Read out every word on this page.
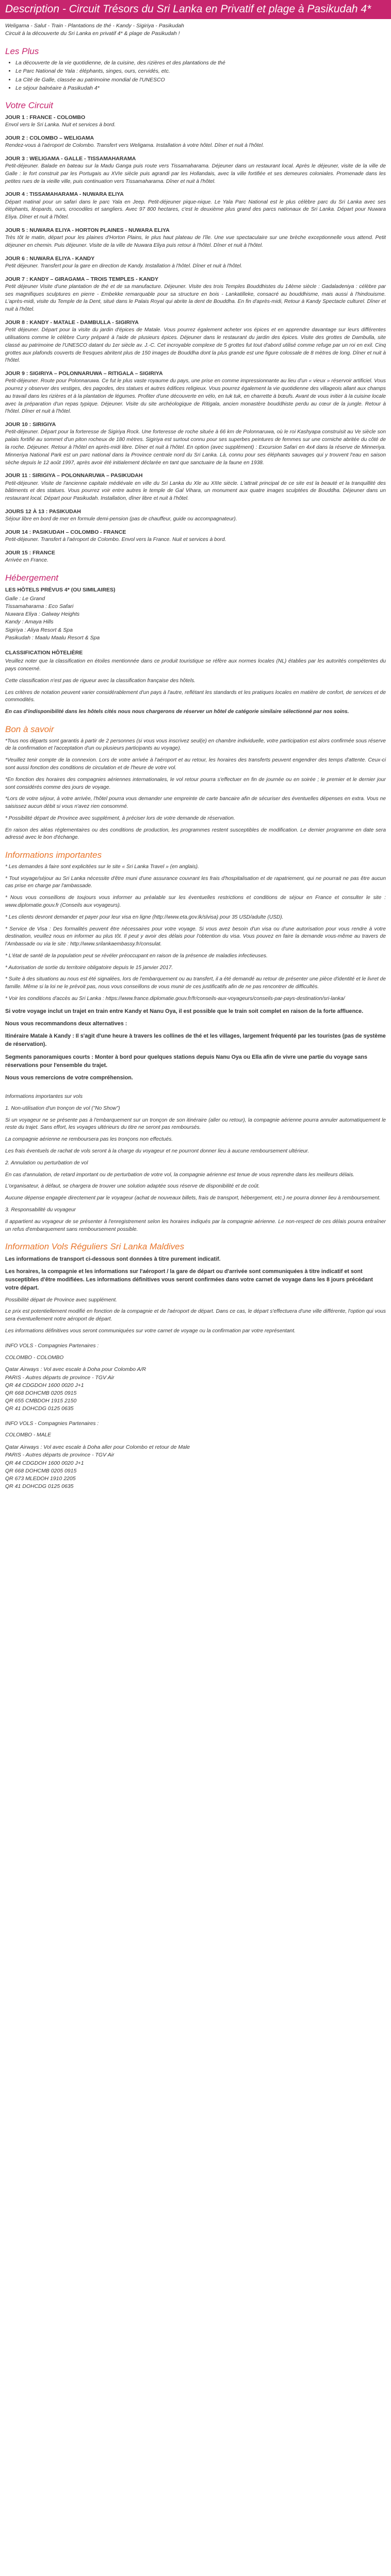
Description - Circuit Trésors du Sri Lanka en Privatif et plage à Pasikudah 4*

Weligama - Salut - Train - Plantations de thé - Kandy - Sigiriya - Pasikudah

Circuit à la découverte du Sri Lanka en privatif 4* & plage de Pasikudah !

Les Plus
• La découverte de la vie quotidienne, de la cuisine, des rizières et des plantations de thé
• Le Parc National de Yala : éléphants, singes, ours, cervidés, etc.
• La Cité de Galle, classée au patrimoine mondial de l'UNESCO
• Le séjour balnéaire à Pasikudah 4*
Votre Circuit
JOUR 1 : FRANCE - COLOMBO
Envol vers le Sri Lanka. Nuit et services à bord.
JOUR 2 : COLOMBO – WELIGAMA
Rendez-vous à l'aéroport de Colombo. Transfert vers Weligama. Installation à votre hôtel. Dîner et nuit à l'hôtel.
JOUR 3 : WELIGAMA - GALLE - TISSAMAHARAMA
Petit-déjeuner. Balade en bateau sur la Madu Ganga puis route vers Tissamaharama. Déjeuner dans un restaurant local. Après le déjeuner, visite de la ville de Galle : le fort construit par les Portugais au XVIe siècle puis agrandi par les Hollandais, avec la ville fortifiée et ses demeures coloniales. Promenade dans les petites rues de la vieille ville, puis continuation vers Tissamaharama. Dîner et nuit à l'hôtel.
JOUR 4 : TISSAMAHARAMA - NUWARA ELIYA
Départ matinal pour un safari dans le parc Yala en Jeep. Petit-déjeuner pique-nique. Le Yala Parc National est le plus célèbre parc du Sri Lanka avec ses éléphants, léopards, ours, crocodiles et sangliers. Avec 97 800 hectares, c'est le deuxième plus grand des parcs nationaux de Sri Lanka. Départ pour Nuwara Eliya. Dîner et nuit à l'hôtel.
JOUR 5 : NUWARA ELIYA - HORTON PLAINES - NUWARA ELIYA
Très tôt le matin, départ pour les plaines d'Horton Plains, le plus haut plateau de l'île. Une vue spectaculaire sur une brèche exceptionnelle vous attend. Petit déjeuner en chemin. Puis déjeuner. Visite de la ville de Nuwara Eliya puis retour à l'hôtel. Dîner et nuit à l'hôtel.
JOUR 6 : NUWARA ELIYA - KANDY
Petit déjeuner. Transfert pour la gare en direction de Kandy. Installation à l'hôtel. Dîner et nuit à l'hôtel.
JOUR 7 : KANDY – GIRAGAMA – TROIS TEMPLES - KANDY
Petit déjeuner Visite d'une plantation de thé et de sa manufacture. Déjeuner. Visite des trois Temples Bouddhistes du 14ème siècle : Gadaladeniya : célèbre par ses magnifiques sculptures en pierre - Embekke remarquable pour sa structure en bois - Lankatilleke, consacré au bouddhisme, mais aussi à l'hindouisme. L'après-midi, visite du Temple de la Dent, situé dans le Palais Royal qui abrite la dent de Bouddha. En fin d'après-midi, Retour à Kandy Spectacle culturel. Dîner et nuit à l'hôtel.
JOUR 8 : KANDY - MATALE - DAMBULLA - SIGIRIYA
Petit déjeuner. Départ pour la visite du jardin d'épices de Matale. Vous pourrez également acheter vos épices et en apprendre davantage sur leurs différentes utilisations comme le célèbre Curry préparé à l'aide de plusieurs épices. Déjeuner dans le restaurant du jardin des épices. Visite des grottes de Dambulla, site classé au patrimoine de l'UNESCO datant du 1er siècle av. J.-C. Cet incroyable complexe de 5 grottes fut tout d'abord utilisé comme refuge par un roi en exil. Cinq grottes aux plafonds couverts de fresques abritent plus de 150 images de Bouddha dont la plus grande est une figure colossale de 8 mètres de long. Dîner et nuit à l'hôtel.
JOUR 9 : SIGIRIYA – POLONNARUWA – RITIGALA – SIGIRIYA
Petit-déjeuner. Route pour Polonnaruwa. Ce fut le plus vaste royaume du pays, une prise en comme impressionnante au lieu d'un « vieux » réservoir artificiel. Vous pourrez y observer des vestiges, des pagodes, des statues et autres édifices religieux. Vous pourrez également la vie quotidienne des villageois allant aux champs au travail dans les rizières et à la plantation de légumes. Profiter d'une découverte en vélo, en tuk tuk, en charrette à bœufs. Avant de vous initier à la cuisine locale avec la préparation d'un repas typique. Déjeuner. Visite du site archéologique de Ritigala, ancien monastère bouddhiste perdu au cœur de la jungle. Retour à l'hôtel. Dîner et nuit à l'hôtel.
JOUR 10 : SIRIGIYA
Petit-déjeuner. Départ pour la forteresse de Sigiriya Rock. Une forteresse de roche située à 66 km de Polonnaruwa, où le roi Kashyapa construisit au Ve siècle son palais fortifié au sommet d'un piton rocheux de 180 mètres. Sigiriya est surtout connu pour ses superbes peintures de femmes sur une corniche abritée du côté de la roche. Déjeuner. Retour à l'hôtel en après-midi libre. Dîner et nuit à l'hôtel. En option (avec supplément) : Excursion Safari en 4x4 dans la réserve de Minneriya. Minneriya National Park est un parc national dans la Province centrale nord du Sri Lanka. Là, connu pour ses éléphants sauvages qui y trouvent l'eau en saison sèche depuis le 12 août 1997, après avoir été initialement déclarée en tant que sanctuaire de la faune en 1938.
JOUR 11 : SIRIGIYA – POLONNARUWA – PASIKUDAH
Petit-déjeuner. Visite de l'ancienne capitale médiévale en ville du Sri Lanka du Xle au XIIIe siècle. L'attrait principal de ce site est la beauté et la tranquillité des bâtiments et des statues. Vous pourrez voir entre autres le temple de Gal Vihara, un monument aux quatre images sculptées de Bouddha. Déjeuner dans un restaurant local. Départ pour Pasikudah. Installation, dîner libre et nuit à l'hôtel.
JOURS 12 À 13 : PASIKUDAH
Séjour libre en bord de mer en formule demi-pension (pas de chauffeur, guide ou accompagnateur).
JOUR 14 : PASIKUDAH – COLOMBO - FRANCE
Petit-déjeuner. Transfert à l'aéroport de Colombo. Envol vers la France. Nuit et services à bord.
JOUR 15 : FRANCE
Arrivée en France.
Hébergement
LES HÔTELS PRÉVUS 4* (OU SIMILAIRES)

Galle : Le Grand

Tissamaharama : Eco Safari

Nuwara Eliya : Galway Heights

Kandy : Amaya Hills

Sigiriya : Aliya Resort & Spa

Pasikudah : Maalu Maalu Resort & Spa

CLASSIFICATION HÔTELIÈRE
Veuillez noter que la classification en étoiles mentionnée dans ce produit touristique se réfère aux normes locales (NL) établies par les autorités compétentes du pays concerné.
Cette classification n'est pas de rigueur avec la classification française des hôtels.
Les critères de notation peuvent varier considérablement d'un pays à l'autre, reflétant les standards et les pratiques locales en matière de confort, de services et de commodités.
En cas d'indisponibilité dans les hôtels cités nous nous chargerons de réserver un hôtel de catégorie similaire sélectionné par nos soins.
Bon à savoir
*Tous nos départs sont garantis à partir de 2 personnes (si vous vous inscrivez seul(e) en chambre individuelle, votre participation est alors confirmée sous réserve de la confirmation et l'acceptation d'un ou plusieurs participants au voyage).
*Veuillez tenir compte de la connexion. Lors de votre arrivée à l'aéroport et au retour, les horaires des transferts peuvent engendrer des temps d'attente. Ceux-ci sont aussi fonction des conditions de circulation et de l'heure de votre vol.
*En fonction des horaires des compagnies aériennes internationales, le vol retour pourra s'effectuer en fin de journée ou en soirée ; le premier et le dernier jour sont considérés comme des jours de voyage.
*Lors de votre séjour, à votre arrivée, l'hôtel pourra vous demander une empreinte de carte bancaire afin de sécuriser des éventuelles dépenses en extra. Vous ne saisissez aucun débit si vous n'avez rien consommé.
* Possibilité départ de Province avec supplément, à préciser lors de votre demande de réservation.
En raison des aléas réglementaires ou des conditions de production, les programmes restent susceptibles de modification. Le dernier programme en date sera adressé avec le bon d'échange.
Informations importantes
* Les demandes à faire sont explicitées sur le site « Sri Lanka Travel » (en anglais).
* Tout voyage/séjour au Sri Lanka nécessite d'être muni d'une assurance couvrant les frais d'hospitalisation et de rapatriement, qui ne pourrait ne pas être aucun cas prise en charge par l'ambassade.
* Nous vous conseillons de toujours vous informer au préalable sur les éventuelles restrictions et conditions de séjour en France et consulter le site : www.diplomatie.gouv.fr (Conseils aux voyageurs).
* Les clients devront demander et payer pour leur visa en ligne (http://www.eta.gov.lk/slvisa) pour 35 USD/adulte (USD).
* Service de Visa : Des formalités peuvent être nécessaires pour votre voyage. Si vous avez besoin d'un visa ou d'une autorisation pour vous rendre à votre destination, veuillez nous en informer au plus tôt. Il peut y avoir des délais pour l'obtention du visa. Vous pouvez en faire la demande vous-même au travers de l'Ambassade ou via le site : http://www.srilankaembassy.fr/consulat.
* L'état de santé de la population peut se révéler préoccupant en raison de la présence de maladies infectieuses.
* Autorisation de sortie du territoire obligatoire depuis le 15 janvier 2017.
* Suite à des situations au nous est été signalées, lors de l'embarquement ou au transfert, il a été demandé au retour de présenter une pièce d'identité et le livret de famille. Même si la loi ne le prévoit pas, nous vous conseillons de vous munir de ces justificatifs afin de ne pas rencontrer de difficultés.
* Voir les conditions d'accès au Sri Lanka : https://www.france.diplomatie.gouv.fr/fr/conseils-aux-voyageurs/conseils-par-pays-destination/sri-lanka/
Si votre voyage inclut un trajet en train entre Kandy et Nanu Oya, il est possible que le train soit complet en raison de la forte affluence.
Nous vous recommandons deux alternatives :
Itinéraire Matale à Kandy : Il s'agit d'une heure à travers les collines de thé et les villages, largement fréquenté par les touristes (pas de système de réservation).
Segments panoramiques courts : Monter à bord pour quelques stations depuis Nanu Oya ou Ella afin de vivre une partie du voyage sans réservations pour l'ensemble du trajet.
Nous vous remercions de votre compréhension.
Informations importantes sur vols
1. Non-utilisation d'un tronçon de vol ("No Show")
Si un voyageur ne se présente pas à l'embarquement sur un tronçon de son itinéraire (aller ou retour), la compagnie aérienne pourra annuler automatiquement le reste du trajet. Sans effort, les voyages ultérieurs du titre ne seront pas remboursés.
La compagnie aérienne ne remboursera pas les tronçons non effectués.
Les frais éventuels de rachat de vols seront à la charge du voyageur et ne pourront donner lieu à aucune remboursement ultérieur.
2. Annulation ou perturbation de vol
En cas d'annulation, de retard important ou de perturbation de votre vol, la compagnie aérienne est tenue de vous reprendre dans les meilleurs délais.
L'organisateur, à défaut, se chargera de trouver une solution adaptée sous réserve de disponibilité et de coût.
Aucune dépense engagée directement par le voyageur (achat de nouveaux billets, frais de transport, hébergement, etc.) ne pourra donner lieu à remboursement.
3. Responsabilité du voyageur
Il appartient au voyageur de se présenter à l'enregistrement selon les horaires indiqués par la compagnie aérienne. Le non-respect de ces délais pourra entraîner un refus d'embarquement sans remboursement possible.
Information Vols Réguliers Sri Lanka Maldives
Les informations de transport ci-dessous sont données à titre purement indicatif.
Les horaires, la compagnie et les informations sur l'aéroport / la gare de départ ou d'arrivée sont communiquées à titre indicatif et sont susceptibles d'être modifiées. Les informations définitives vous seront confirmées dans votre carnet de voyage dans les 8 jours précédant votre départ.
Possibilité départ de Province avec supplément.
Le prix est potentiellement modifié en fonction de la compagnie et de l'aéroport de départ. Dans ce cas, le départ s'effectuera d'une ville différente, l'option qui vous sera éventuellement notre aéroport de départ.
Les informations définitives vous seront communiquées sur votre carnet de voyage ou la confirmation par votre représentant.
INFO VOLS - Compagnies Partenaires :
COLOMBO - COLOMBO

Qatar Airways : Vol avec escale à Doha pour Colombo A/R

PARIS - Autres départs de province - TGV Air

QR 44 CDGDOH 1600 0020 J+1

QR 668 DOHCMB 0205 0915

QR 655 CMBDOH 1915 2150

QR 41 DOHCDG 0125 0635

INFO VOLS - Compagnies Partenaires :
COLOMBO - MALE

Qatar Airways : Vol avec escale à Doha aller pour Colombo et retour de Male

PARIS - Autres départs de province - TGV Air

QR 44 CDGDOH 1600 0020 J+1

QR 668 DOHCMB 0205 0915

QR 673 MLEDOH 1910 2205

QR 41 DOHCDG 0125 0635
